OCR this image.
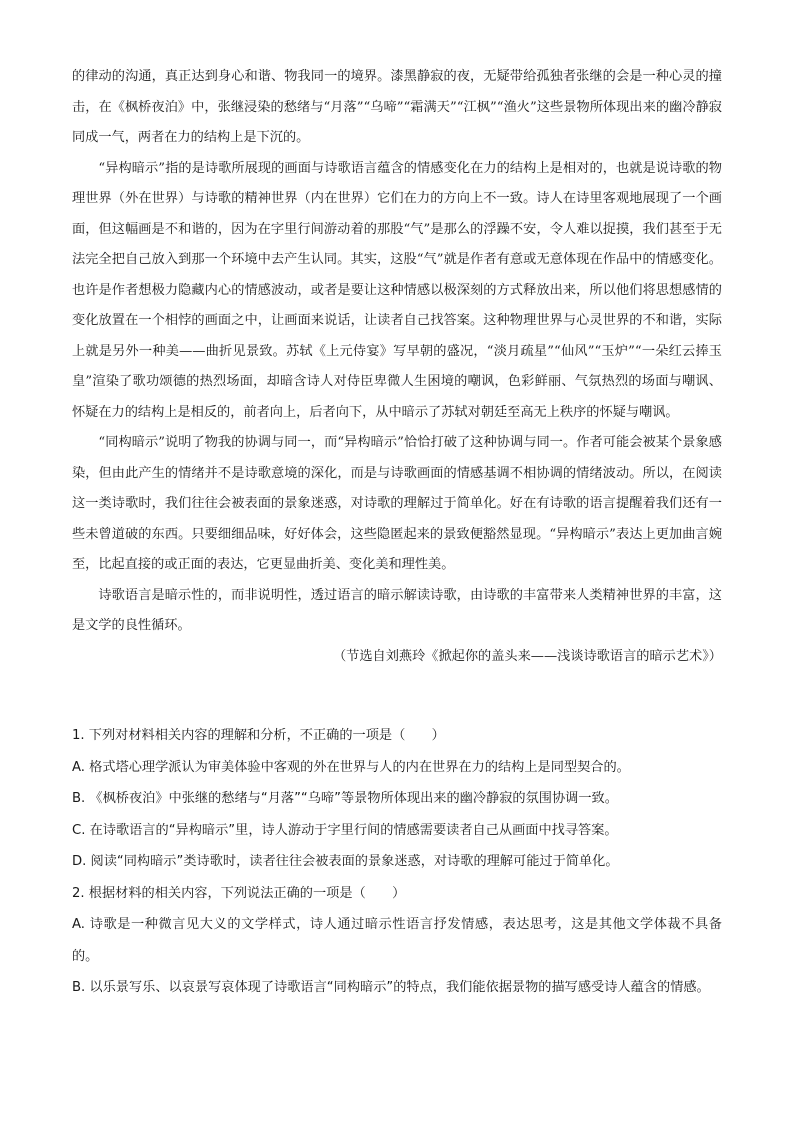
的律动的沟通，真正达到身心和谐、物我同一的境界。漆黑静寂的夜，无疑带给孤独者张继的会是一种心灵的撞击，在《枫桥夜泊》中，张继浸染的愁绪与“月落”“乌啼”“霜满天”“江枫”“渔火”这些景物所体现出来的幽冷静寂同成一气，两者在力的结构上是下沉的。

“异构暗示”指的是诗歌所展现的画面与诗歌语言蕴含的情感变化在力的结构上是相对的，也就是说诗歌的物理世界（外在世界）与诗歌的精神世界（内在世界）它们在力的方向上不一致。诗人在诗里客观地展现了一个画面，但这幅画是不和谐的，因为在字里行间游动着的那股“气”是那么的浮躁不安，令人难以捉摸，我们甚至于无法完全把自己放入到那一个环境中去产生认同。其实，这股“气”就是作者有意或无意体现在作品中的情感变化。也许是作者想极力隐藏内心的情感波动，或者是要让这种情感以极深刻的方式释放出来，所以他们将思想感情的变化放置在一个相悖的画面之中，让画面来说话，让读者自己找答案。这种物理世界与心灵世界的不和谐，实际上就是另外一种美——曲折见景致。苏轼《上元侍宴》写早朝的盛况，“淡月疏星”“仙风”“玉炉”“一朵红云捧玉皇”渲染了歌功颂德的热烈场面，却暗含诗人对侍臣卑微人生困境的嘲讽，色彩鲜丽、气氛热烈的场面与嘲讽、怀疑在力的结构上是相反的，前者向上，后者向下，从中暗示了苏轼对朝廷至高无上秩序的怀疑与嘲讽。

“同构暗示”说明了物我的协调与同一，而“异构暗示”恰恰打破了这种协调与同一。作者可能会被某个景象感染，但由此产生的情绪并不是诗歌意境的深化，而是与诗歌画面的情感基调不相协调的情绪波动。所以，在阅读这一类诗歌时，我们往往会被表面的景象迷惑，对诗歌的理解过于简单化。好在有诗歌的语言提醒着我们还有一些未曾道破的东西。只要细细品味，好好体会，这些隐匿起来的景致便豁然显现。“异构暗示”表达上更加曲言婉至，比起直接的或正面的表达，它更显曲折美、变化美和理性美。

诗歌语言是暗示性的，而非说明性，透过语言的暗示解读诗歌，由诗歌的丰富带来人类精神世界的丰富，这是文学的良性循环。

（节选自刘燕玲《掀起你的盖头来——浅谈诗歌语言的暗示艺术》）

1. 下列对材料相关内容的理解和分析，不正确的一项是（　　）

A. 格式塔心理学派认为审美体验中客观的外在世界与人的内在世界在力的结构上是同型契合的。

B. 《枫桥夜泊》中张继的愁绪与“月落”“乌啼”等景物所体现出来的幽冷静寂的氛围协调一致。

C. 在诗歌语言的“异构暗示”里，诗人游动于字里行间的情感需要读者自己从画面中找寻答案。

D. 阅读“同构暗示”类诗歌时，读者往往会被表面的景象迷惑，对诗歌的理解可能过于简单化。

2. 根据材料的相关内容，下列说法正确的一项是（　　）

A. 诗歌是一种微言见大义的文学样式，诗人通过暗示性语言抒发情感，表达思考，这是其他文学体裁不具备的。

B. 以乐景写乐、以哀景写哀体现了诗歌语言“同构暗示”的特点，我们能依据景物的描写感受诗人蕴含的情感。
